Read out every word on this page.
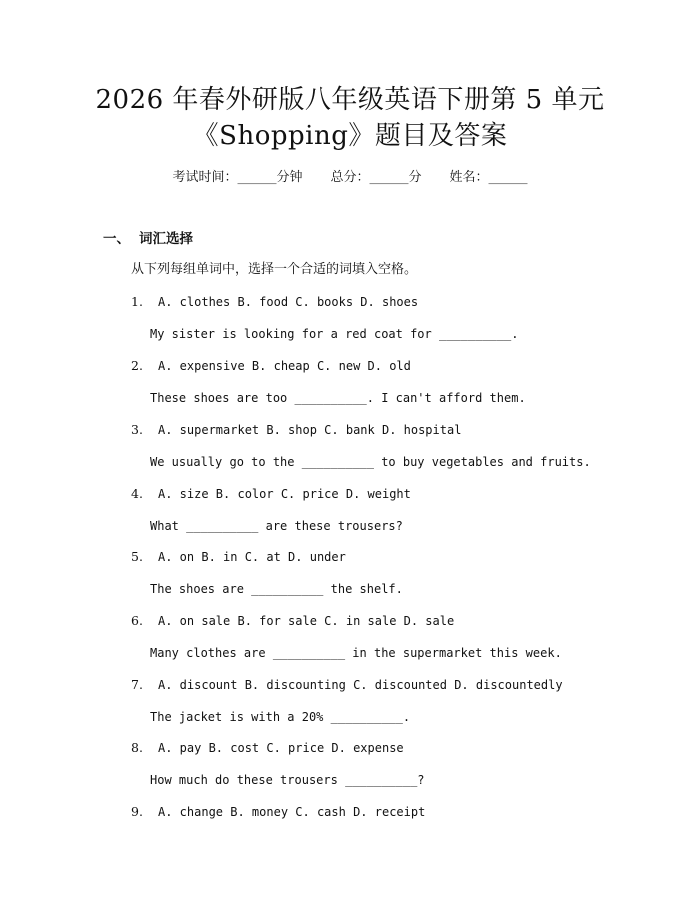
2026 年春外研版八年级英语下册第 5 单元
《Shopping》题目及答案
考试时间：______分钟 总分：______分 姓名：______
一、 词汇选择
从下列每组单词中，选择一个合适的词填入空格。
1. A. clothes B. food C. books D. shoes
My sister is looking for a red coat for __________.
2. A. expensive B. cheap C. new D. old
These shoes are too __________. I can't afford them.
3. A. supermarket B. shop C. bank D. hospital
We usually go to the __________ to buy vegetables and fruits.
4. A. size B. color C. price D. weight
What __________ are these trousers?
5. A. on B. in C. at D. under
The shoes are __________ the shelf.
6. A. on sale B. for sale C. in sale D. sale
Many clothes are __________ in the supermarket this week.
7. A. discount B. discounting C. discounted D. discountedly
The jacket is with a 20% __________.
8. A. pay B. cost C. price D. expense
How much do these trousers __________?
9. A. change B. money C. cash D. receipt
